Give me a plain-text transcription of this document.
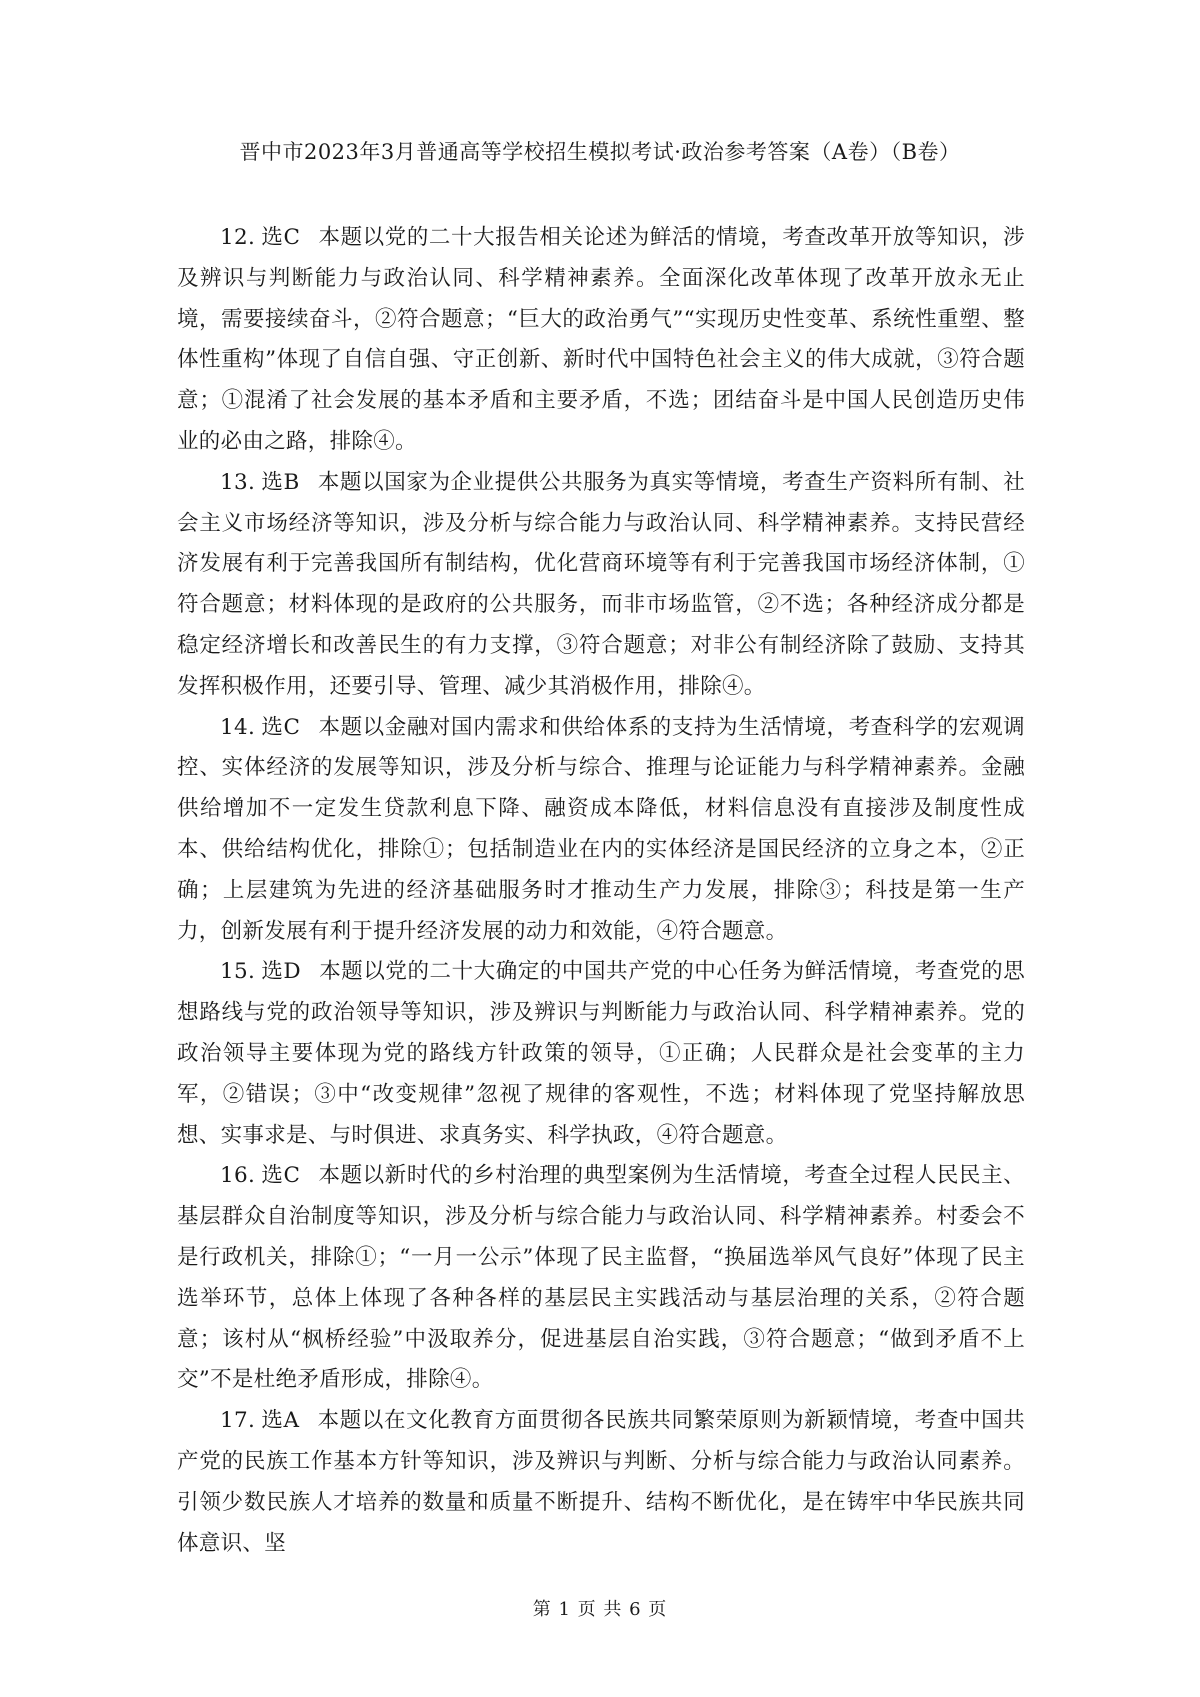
晋中市2023年3月普通高等学校招生模拟考试·政治参考答案（A卷）（B卷）

12. 选C 本题以党的二十大报告相关论述为鲜活的情境，考查改革开放等知识，涉及辨识与判断能力与政治认同、科学精神素养。全面深化改革体现了改革开放永无止境，需要接续奋斗，②符合题意；“巨大的政治勇气”“实现历史性变革、系统性重塑、整体性重构”体现了自信自强、守正创新、新时代中国特色社会主义的伟大成就，③符合题意；①混淆了社会发展的基本矛盾和主要矛盾，不选；团结奋斗是中国人民创造历史伟业的必由之路，排除④。

13. 选B 本题以国家为企业提供公共服务为真实等情境，考查生产资料所有制、社会主义市场经济等知识，涉及分析与综合能力与政治认同、科学精神素养。支持民营经济发展有利于完善我国所有制结构，优化营商环境等有利于完善我国市场经济体制，①符合题意；材料体现的是政府的公共服务，而非市场监管，②不选；各种经济成分都是稳定经济增长和改善民生的有力支撑，③符合题意；对非公有制经济除了鼓励、支持其发挥积极作用，还要引导、管理、减少其消极作用，排除④。

14. 选C 本题以金融对国内需求和供给体系的支持为生活情境，考查科学的宏观调控、实体经济的发展等知识，涉及分析与综合、推理与论证能力与科学精神素养。金融供给增加不一定发生贷款利息下降、融资成本降低，材料信息没有直接涉及制度性成本、供给结构优化，排除①；包括制造业在内的实体经济是国民经济的立身之本，②正确；上层建筑为先进的经济基础服务时才推动生产力发展，排除③；科技是第一生产力，创新发展有利于提升经济发展的动力和效能，④符合题意。

15. 选D 本题以党的二十大确定的中国共产党的中心任务为鲜活情境，考查党的思想路线与党的政治领导等知识，涉及辨识与判断能力与政治认同、科学精神素养。党的政治领导主要体现为党的路线方针政策的领导，①正确；人民群众是社会变革的主力军，②错误；③中“改变规律”忽视了规律的客观性，不选；材料体现了党坚持解放思想、实事求是、与时俱进、求真务实、科学执政，④符合题意。

16. 选C 本题以新时代的乡村治理的典型案例为生活情境，考查全过程人民民主、基层群众自治制度等知识，涉及分析与综合能力与政治认同、科学精神素养。村委会不是行政机关，排除①；“一月一公示”体现了民主监督，“换届选举风气良好”体现了民主选举环节，总体上体现了各种各样的基层民主实践活动与基层治理的关系，②符合题意；该村从“枫桥经验”中汲取养分，促进基层自治实践，③符合题意；“做到矛盾不上交”不是杜绝矛盾形成，排除④。

17. 选A 本题以在文化教育方面贯彻各民族共同繁荣原则为新颖情境，考查中国共产党的民族工作基本方针等知识，涉及辨识与判断、分析与综合能力与政治认同素养。引领少数民族人才培养的数量和质量不断提升、结构不断优化，是在铸牢中华民族共同体意识、坚

第 1 页 共 6 页
